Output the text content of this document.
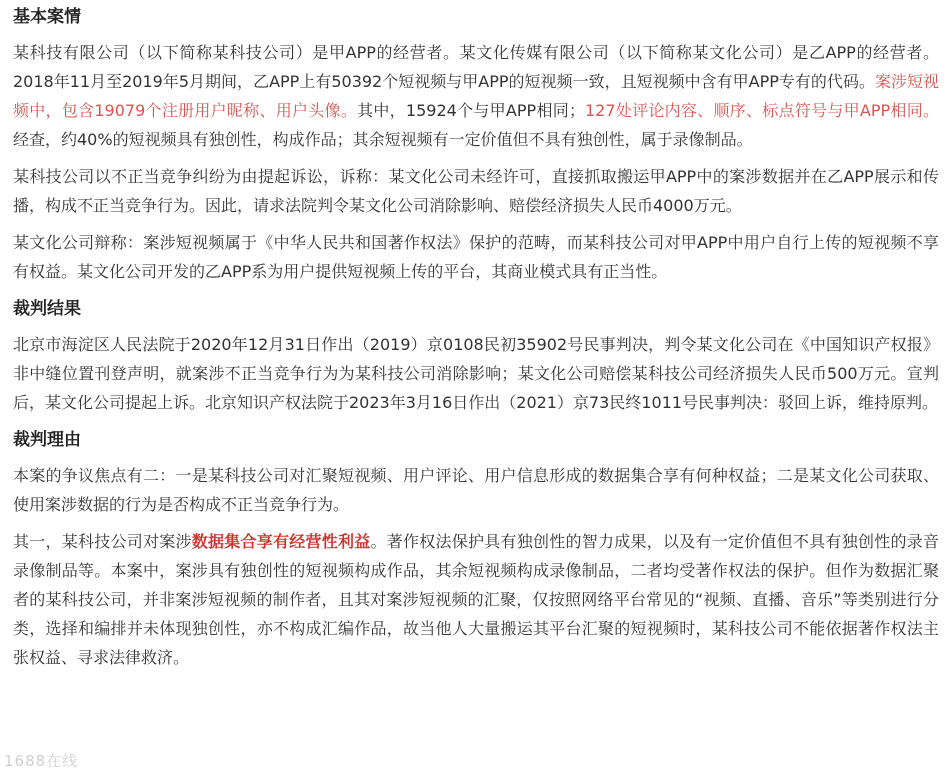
基本案情

某科技有限公司（以下简称某科技公司）是甲APP的经营者。某文化传媒有限公司（以下简称某文化公司）是乙APP的经营者。2018年11月至2019年5月期间，乙APP上有50392个短视频与甲APP的短视频一致，且短视频中含有甲APP专有的代码。案涉短视频中，包含19079个注册用户昵称、用户头像。其中，15924个与甲APP相同；127处评论内容、顺序、标点符号与甲APP相同。经查，约40%的短视频具有独创性，构成作品；其余短视频有一定价值但不具有独创性，属于录像制品。

某科技公司以不正当竞争纠纷为由提起诉讼，诉称：某文化公司未经许可，直接抓取搬运甲APP中的案涉数据并在乙APP展示和传播，构成不正当竞争行为。因此，请求法院判令某文化公司消除影响、赔偿经济损失人民币4000万元。

某文化公司辩称：案涉短视频属于《中华人民共和国著作权法》保护的范畴，而某科技公司对甲APP中用户自行上传的短视频不享有权益。某文化公司开发的乙APP系为用户提供短视频上传的平台，其商业模式具有正当性。

裁判结果

北京市海淀区人民法院于2020年12月31日作出（2019）京0108民初35902号民事判决，判令某文化公司在《中国知识产权报》非中缝位置刊登声明，就案涉不正当竞争行为为某科技公司消除影响；某文化公司赔偿某科技公司经济损失人民币500万元。宣判后，某文化公司提起上诉。北京知识产权法院于2023年3月16日作出（2021）京73民终1011号民事判决：驳回上诉，维持原判。

裁判理由

本案的争议焦点有二：一是某科技公司对汇聚短视频、用户评论、用户信息形成的数据集合享有何种权益；二是某文化公司获取、使用案涉数据的行为是否构成不正当竞争行为。

其一，某科技公司对案涉数据集合享有经营性利益。著作权法保护具有独创性的智力成果，以及有一定价值但不具有独创性的录音录像制品等。本案中，案涉具有独创性的短视频构成作品，其余短视频构成录像制品，二者均受著作权法的保护。但作为数据汇聚者的某科技公司，并非案涉短视频的制作者，且其对案涉短视频的汇聚，仅按照网络平台常见的“视频、直播、音乐”等类别进行分类，选择和编排并未体现独创性，亦不构成汇编作品，故当他人大量搬运其平台汇聚的短视频时，某科技公司不能依据著作权法主张权益、寻求法律救济。

1688在线
